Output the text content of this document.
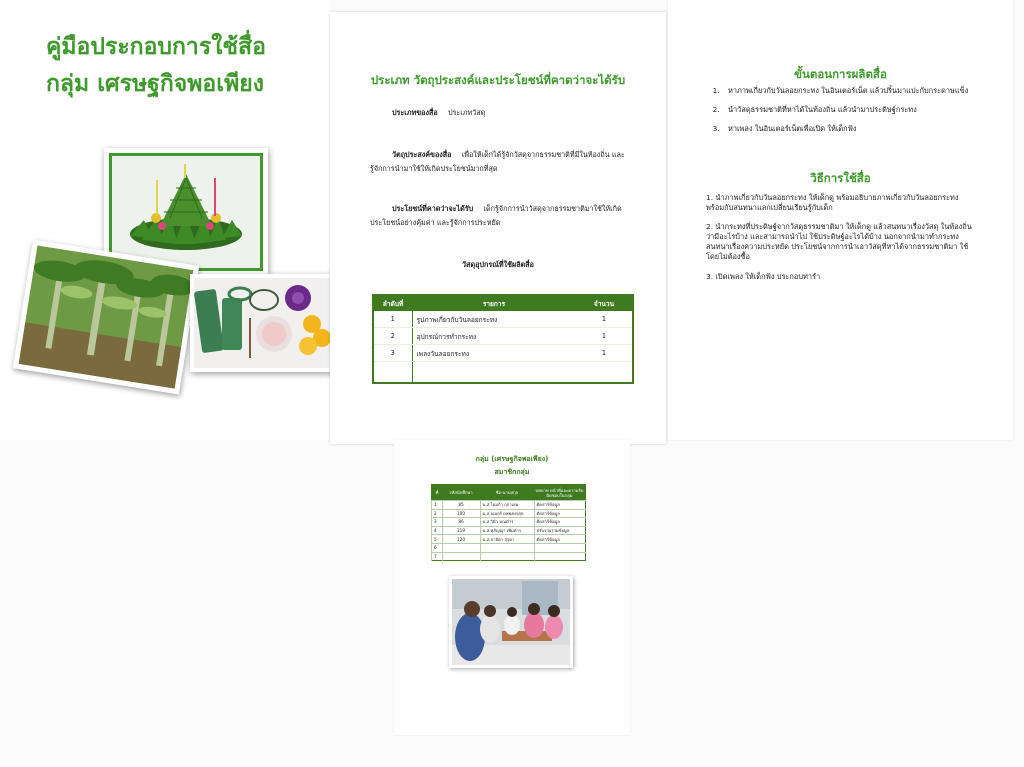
คู่มือประกอบการใช้สื่อ
กลุ่ม เศรษฐกิจพอเพียง	ประเภท วัตถุประสงค์และประโยชน์ที่คาดว่าจะได้รับ

ประเภทของสื่อ ประเภทวัสดุ

วัตถุประสงค์ของสื่อ เพื่อให้เด็กได้รู้จักวัสดุจากธรรมชาติที่มีในท้องถิ่น และรู้จักการนำมาใช้ให้เกิดประโยชน์มากที่สุด

ประโยชน์ที่คาดว่าจะได้รับ เด็กรู้จักการนำวัสดุจากธรรมชาติมาใช้ให้เกิดประโยชน์อย่างคุ้มค่า และรู้จักการประหยัด

วัสดุอุปกรณ์ที่ใช้ผลิตสื่อ

ลำดับที่	รายการ	จำนวน
1	รูปภาพเกี่ยวกับวันลอยกระทง	1
2	อุปกรณ์การทำกระทง	1
3	เพลงวันลอยกระทง	1

ขั้นตอนการผลิตสื่อ
1. หาภาพเกี่ยวกับวันลอยกระทง ในอินเตอร์เน็ต แล้วปริ้นมาแปะกับกระดาษแข็ง
2. นำวัสดุธรรมชาติที่หาได้ในท้องถิ่น แล้วนำมาประดิษฐ์กระทง
3. หาเพลง ในอินเตอร์เน็ตเพื่อเปิด ให้เด็กฟัง
วิธีการใช้สื่อ

1. นำภาพเกี่ยวกับวันลอยกระทง ให้เด็กดู พร้อมอธิบายภาพเกี่ยวกับวันลอยกระทง พร้อมกับสนทนาแลกเปลี่ยนเรียนรู้กับเด็ก

2. นำกระทงที่ประดิษฐ์จากวัสดุธรรมชาติมา ให้เด็กดู แล้วสนทนาเรื่องวัสดุ ในท้องถิ่นว่ามีอะไรบ้าง และสามารถนำไป ใช้ประดิษฐ์อะไรได้บ้าง นอกจากนำมาทำกระทง สนทนาเรื่องความประหยัด ประโยชน์จากการนำเอาวัสดุที่หาได้จากธรรมชาติมา ใช้ โดยไม่ต้องซื้อ

3. เปิดเพลง ให้เด็กฟัง ประกอบท่ารำ

กลุ่ม (เศรษฐกิจพอเพียง)

สมาชิกกลุ่ม

ที่	รหัสนักศึกษา	ชื่อ-นามสกุล	บทบาท หน้าที่และความรับผิดชอบในกลุ่ม
1	85	น.ส.ไอมก้า ฤกาเลม	ตัดสาร์ข้อมูล
2	100	น.ส.ณมยร์ ผลพงษรสุข	ตัดสาร์ข้อมูล
3	86	น.ส.วิมิว มณตำร	ตัดสาร์ข้อมูล
4	119	น.ส.ศุภัญญา เพิ่มดำร	ปรับรวบรวมข้อมูล
5	120	น.ส.ปาลิดา สุรุดา	ตัดสาร์ข้อมูล
6			
7			
